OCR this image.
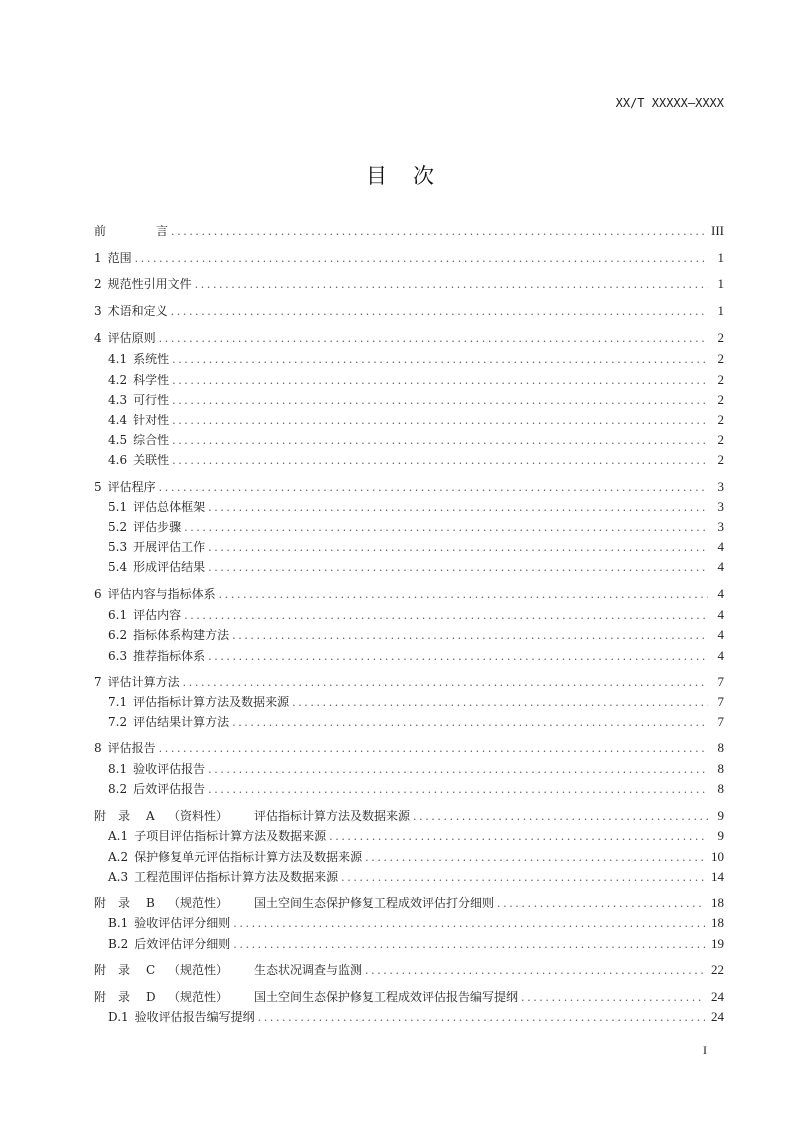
XX/T XXXXX—XXXX
目次
前	言 .....	III
1 范围 .....	1
2 规范性引用文件 .....	1
3 术语和定义 .....	1
4 评估原则 .....	2
4.1 系统性 .....	2
4.2 科学性 .....	2
4.3 可行性 .....	2
4.4 针对性 .....	2
4.5 综合性 .....	2
4.6 关联性 .....	2
5 评估程序 .....	3
5.1 评估总体框架 .....	3
5.2 评估步骤 .....	3
5.3 开展评估工作 .....	4
5.4 形成评估结果 .....	4
6 评估内容与指标体系 .....	4
6.1 评估内容 .....	4
6.2 指标体系构建方法 .....	4
6.3 推荐指标体系 .....	4
7 评估计算方法 .....	7
7.1 评估指标计算方法及数据来源 .....	7
7.2 评估结果计算方法 .....	7
8 评估报告 .....	8
8.1 验收评估报告 .....	8
8.2 后效评估报告 .....	8
附 录 A （资料性） 评估指标计算方法及数据来源 .....	9
A.1 子项目评估指标计算方法及数据来源 .....	9
A.2 保护修复单元评估指标计算方法及数据来源 .....	10
A.3 工程范围评估指标计算方法及数据来源 .....	14
附 录 B （规范性） 国土空间生态保护修复工程成效评估打分细则 .....	18
B.1 验收评估评分细则 .....	18
B.2 后效评估评分细则 .....	19
附 录 C （规范性） 生态状况调查与监测 .....	22
附 录 D （规范性） 国土空间生态保护修复工程成效评估报告编写提纲 .....	24
D.1 验收评估报告编写提纲 .....	24
I
